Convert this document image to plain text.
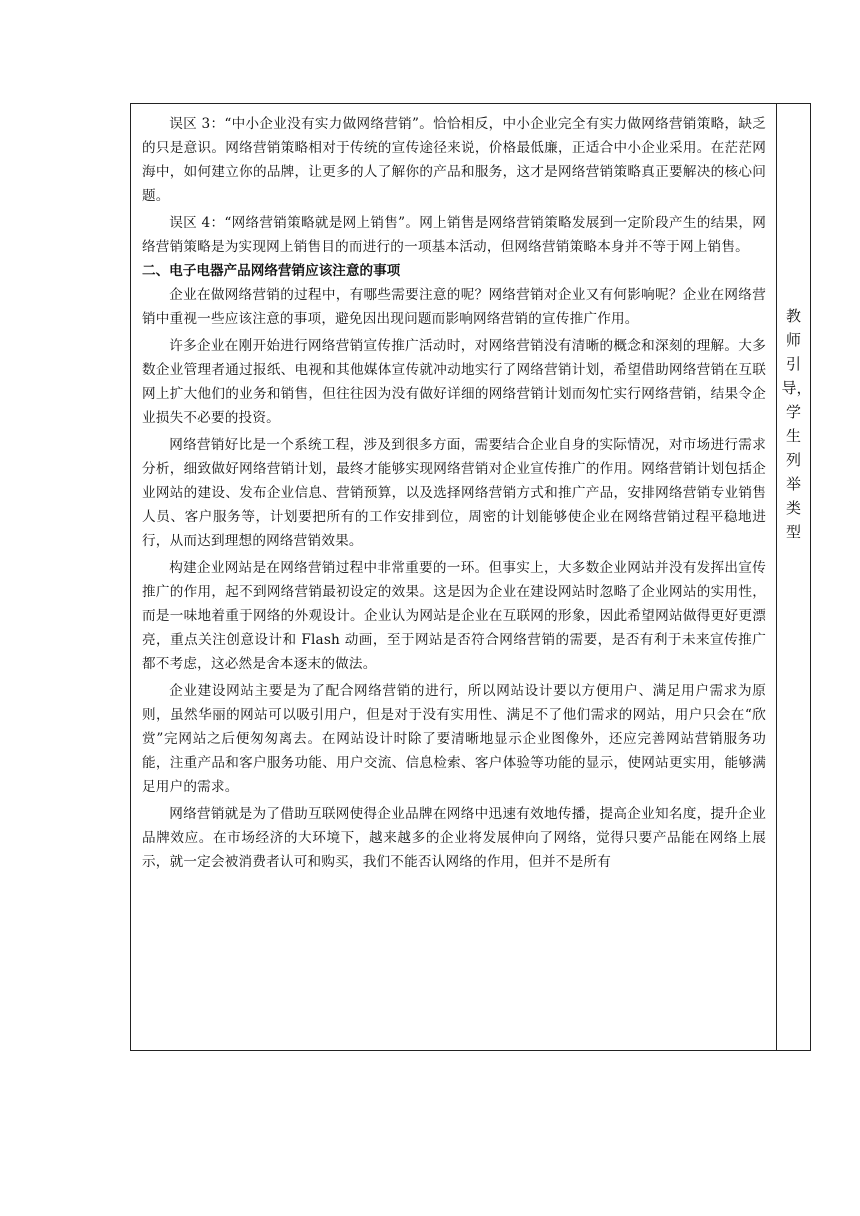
误区 3：“中小企业没有实力做网络营销”。恰恰相反，中小企业完全有实力做网络营销策略，缺乏的只是意识。网络营销策略相对于传统的宣传途径来说，价格最低廉，正适合中小企业采用。在茫茫网海中，如何建立你的品牌，让更多的人了解你的产品和服务，这才是网络营销策略真正要解决的核心问题。

误区 4：“网络营销策略就是网上销售”。网上销售是网络营销策略发展到一定阶段产生的结果，网络营销策略是为实现网上销售目的而进行的一项基本活动，但网络营销策略本身并不等于网上销售。

二、电子电器产品网络营销应该注意的事项

企业在做网络营销的过程中，有哪些需要注意的呢？网络营销对企业又有何影响呢？企业在网络营销中重视一些应该注意的事项，避免因出现问题而影响网络营销的宣传推广作用。

许多企业在刚开始进行网络营销宣传推广活动时，对网络营销没有清晰的概念和深刻的理解。大多数企业管理者通过报纸、电视和其他媒体宣传就冲动地实行了网络营销计划，希望借助网络营销在互联网上扩大他们的业务和销售，但往往因为没有做好详细的网络营销计划而匆忙实行网络营销，结果令企业损失不必要的投资。

网络营销好比是一个系统工程，涉及到很多方面，需要结合企业自身的实际情况，对市场进行需求分析，细致做好网络营销计划，最终才能够实现网络营销对企业宣传推广的作用。网络营销计划包括企业网站的建设、发布企业信息、营销预算，以及选择网络营销方式和推广产品，安排网络营销专业销售人员、客户服务等，计划要把所有的工作安排到位，周密的计划能够使企业在网络营销过程平稳地进行，从而达到理想的网络营销效果。

构建企业网站是在网络营销过程中非常重要的一环。但事实上，大多数企业网站并没有发挥出宣传推广的作用，起不到网络营销最初设定的效果。这是因为企业在建设网站时忽略了企业网站的实用性，而是一味地着重于网络的外观设计。企业认为网站是企业在互联网的形象，因此希望网站做得更好更漂亮，重点关注创意设计和 Flash 动画，至于网站是否符合网络营销的需要，是否有利于未来宣传推广都不考虑，这必然是舍本逐末的做法。

企业建设网站主要是为了配合网络营销的进行，所以网站设计要以方便用户、满足用户需求为原则，虽然华丽的网站可以吸引用户，但是对于没有实用性、满足不了他们需求的网站，用户只会在“欣赏”完网站之后便匆匆离去。在网站设计时除了要清晰地显示企业图像外，还应完善网站营销服务功能，注重产品和客户服务功能、用户交流、信息检索、客户体验等功能的显示，使网站更实用，能够满足用户的需求。

网络营销就是为了借助互联网使得企业品牌在网络中迅速有效地传播，提高企业知名度，提升企业品牌效应。在市场经济的大环境下，越来越多的企业将发展伸向了网络，觉得只要产品能在网络上展示，就一定会被消费者认可和购买，我们不能否认网络的作用，但并不是所有

教师引导，学生列举类型
